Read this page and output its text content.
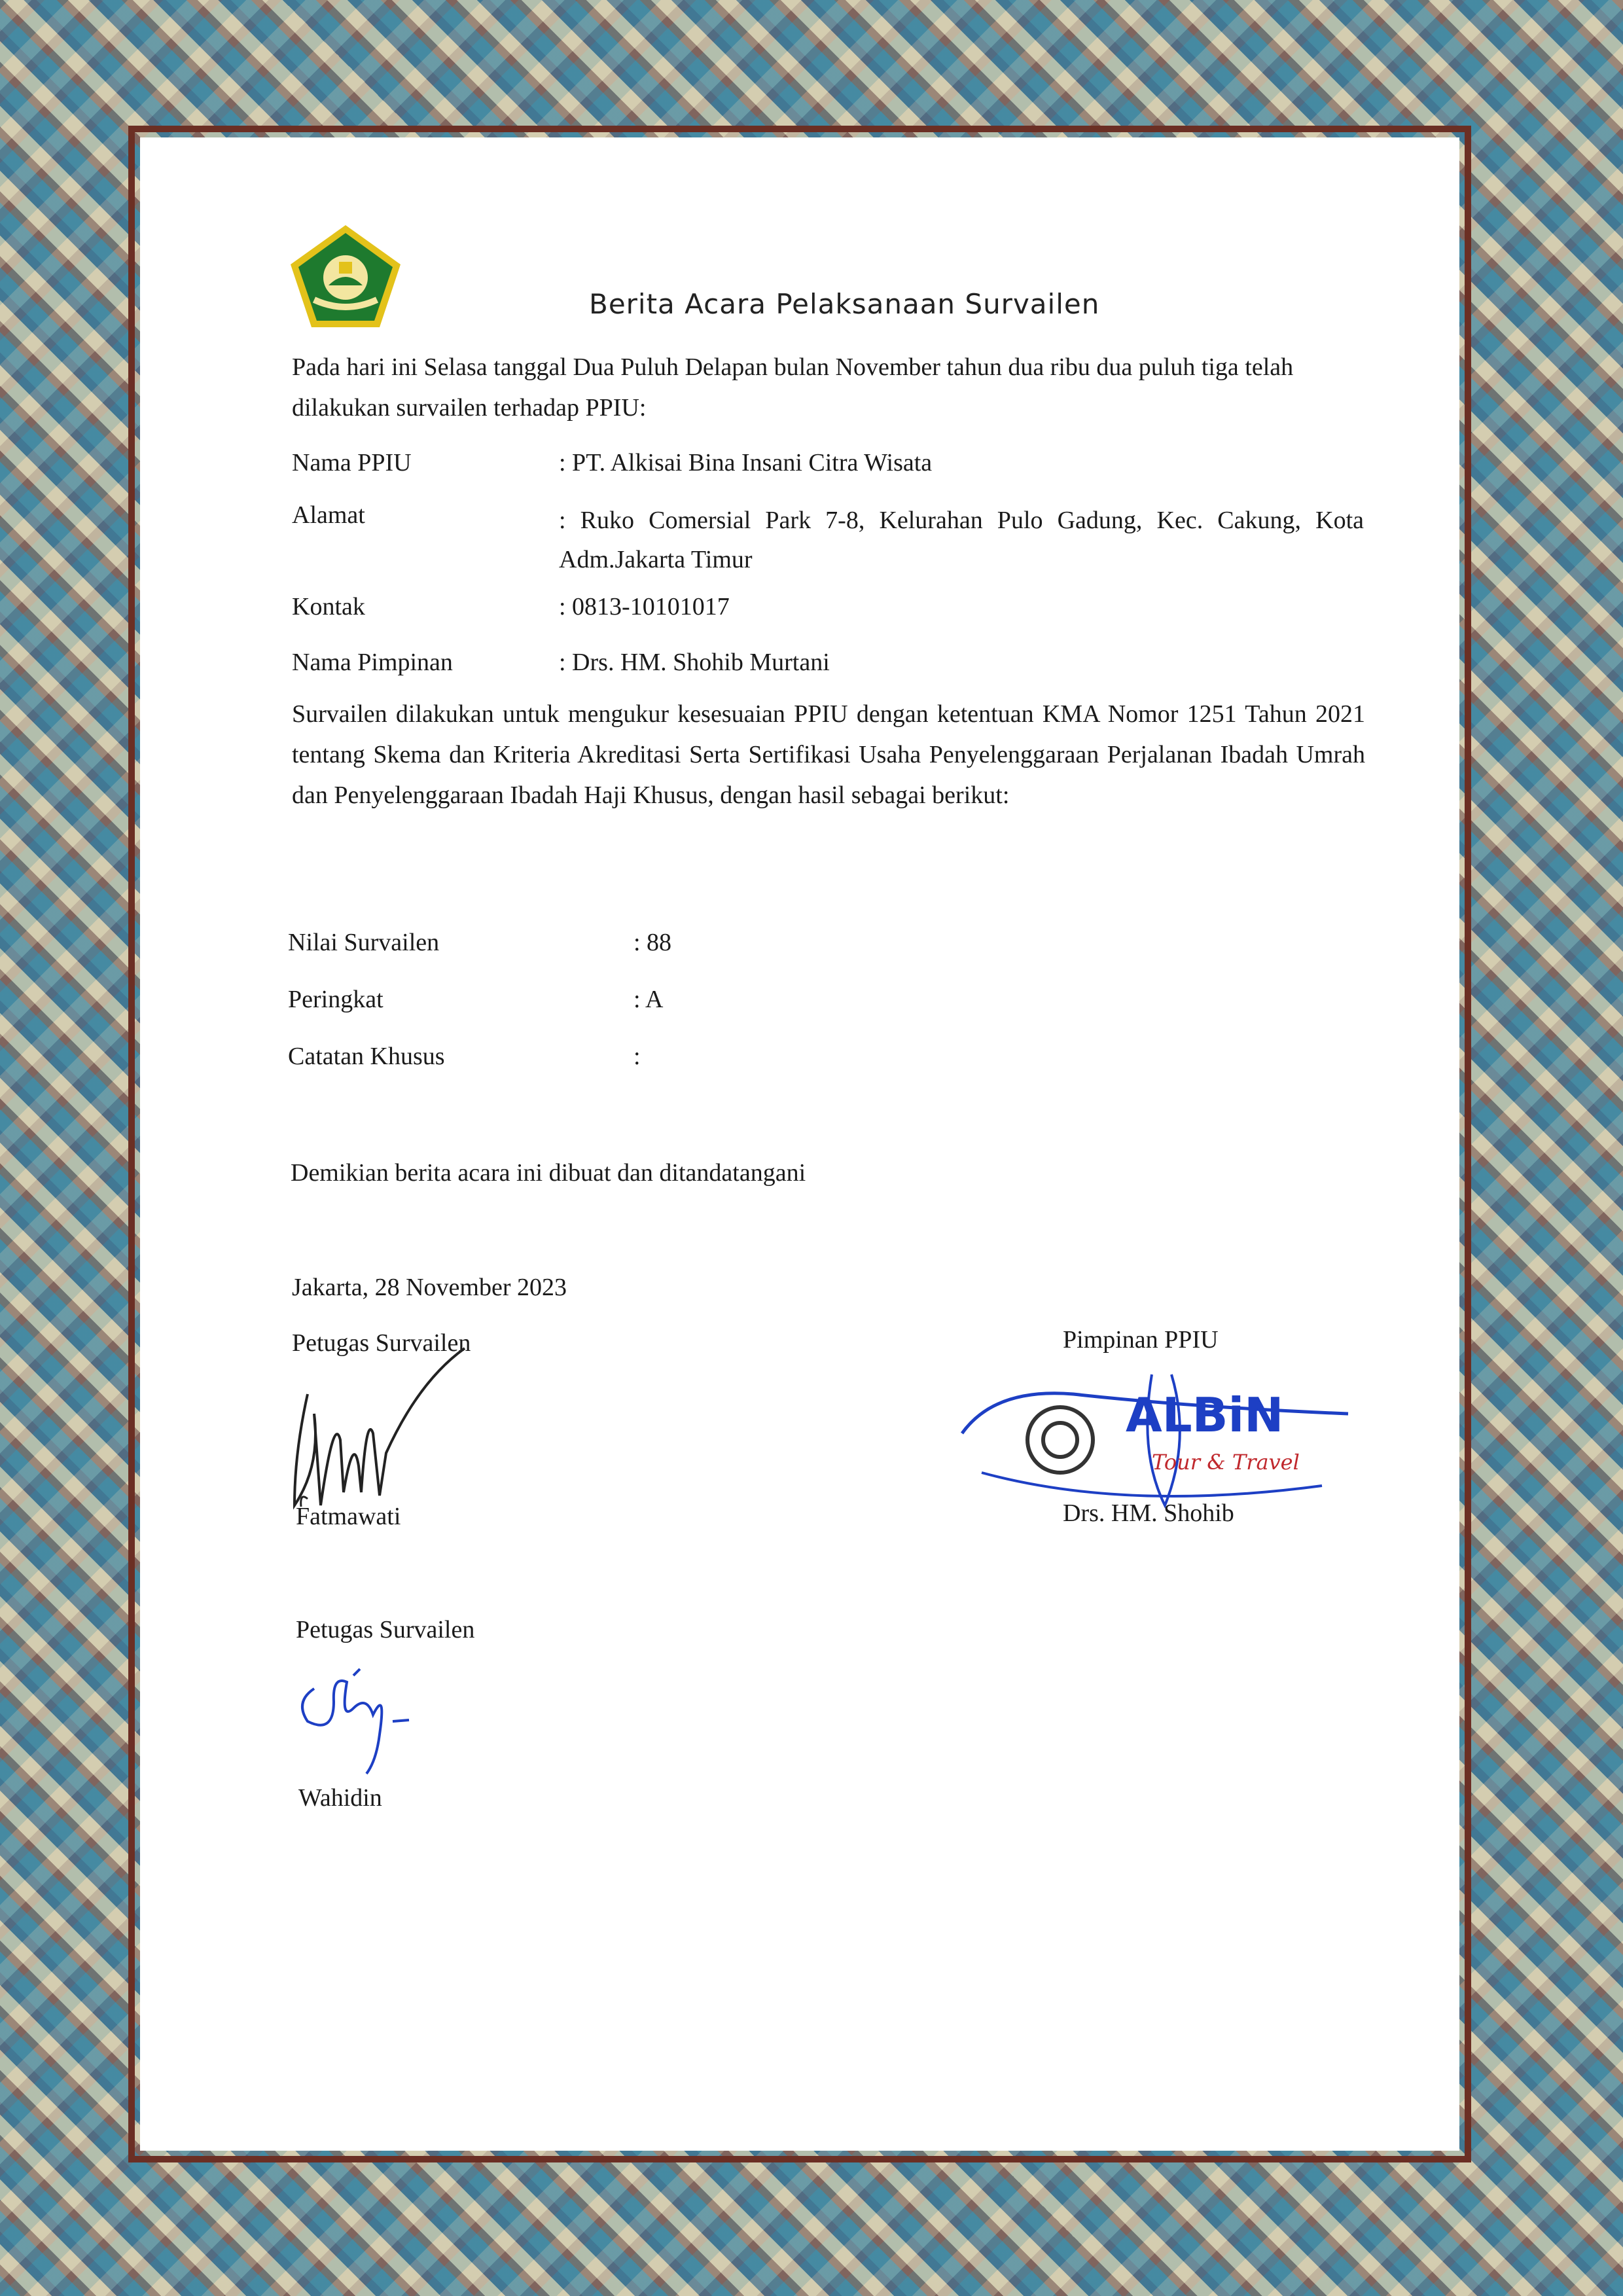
Berita Acara Pelaksanaan Survailen
Pada hari ini Selasa tanggal Dua Puluh Delapan bulan November tahun dua ribu dua puluh tiga telah dilakukan survailen terhadap PPIU:
Nama PPIU	: PT. Alkisai Bina Insani Citra Wisata
Alamat	: Ruko Comersial Park 7-8, Kelurahan Pulo Gadung, Kec. Cakung, Kota Adm.Jakarta Timur
Kontak	: 0813-10101017
Nama Pimpinan	: Drs. HM. Shohib Murtani
Survailen dilakukan untuk mengukur kesesuaian PPIU dengan ketentuan KMA Nomor 1251 Tahun 2021 tentang Skema dan Kriteria Akreditasi Serta Sertifikasi Usaha Penyelenggaraan Perjalanan Ibadah Umrah dan Penyelenggaraan Ibadah Haji Khusus, dengan hasil sebagai berikut:
Nilai Survailen	: 88
Peringkat	: A
Catatan Khusus	:
Demikian berita acara ini dibuat dan ditandatangani
Jakarta, 28 November 2023
Petugas Survailen
Fatmawati
Pimpinan PPIU
ALBiN
Tour & Travel
Drs. HM. Shohib
Petugas Survailen
Wahidin
